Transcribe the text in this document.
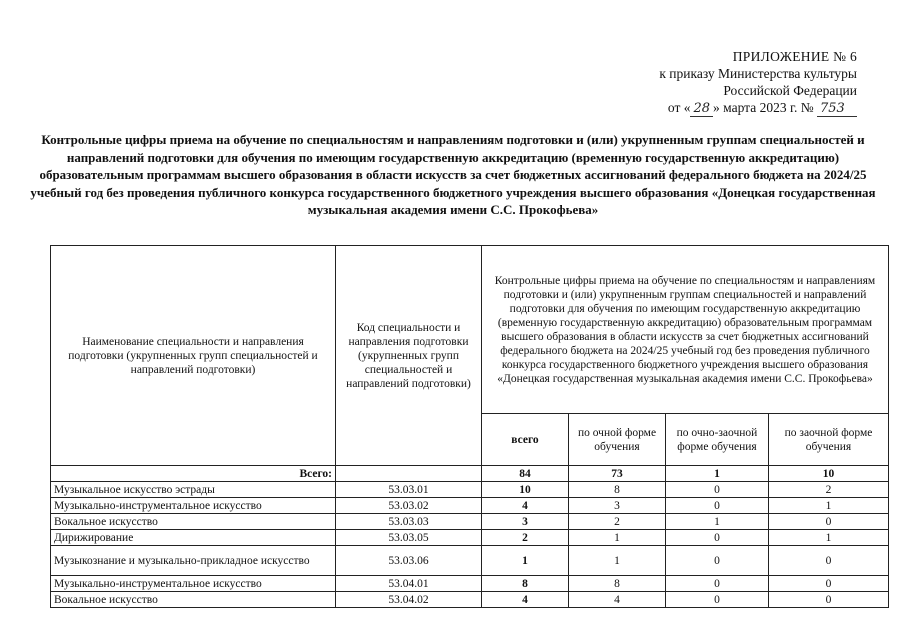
ПРИЛОЖЕНИЕ № 6
к приказу Министерства культуры
Российской Федерации
от « 28 » марта 2023 г. № 753
Контрольные цифры приема на обучение по специальностям и направлениям подготовки и (или) укрупненным группам специальностей и направлений подготовки для обучения по имеющим государственную аккредитацию (временную государственную аккредитацию) образовательным программам высшего образования в области искусств за счет бюджетных ассигнований федерального бюджета на 2024/25 учебный год без проведения публичного конкурса государственного бюджетного учреждения высшего образования «Донецкая государственная музыкальная академия имени С.С. Прокофьева»
Наименование специальности и направления подготовки (укрупненных групп специальностей и направлений подготовки)	Код специальности и направления подготовки (укрупненных групп специальностей и направлений подготовки)	Контрольные цифры приема на обучение по специальностям и направлениям подготовки и (или) укрупненным группам специальностей и направлений подготовки для обучения по имеющим государственную аккредитацию (временную государственную аккредитацию) образовательным программам высшего образования в области искусств за счет бюджетных ассигнований федерального бюджета на 2024/25 учебный год без проведения публичного конкурса государственного бюджетного учреждения высшего образования «Донецкая государственная музыкальная академия имени С.С. Прокофьева»			
		всего	по очной форме обучения	по очно-заочной форме обучения	по заочной форме обучения
Всего:		84	73	1	10
Музыкальное искусство эстрады	53.03.01	10	8	0	2
Музыкально-инструментальное искусство	53.03.02	4	3	0	1
Вокальное искусство	53.03.03	3	2	1	0
Дирижирование	53.03.05	2	1	0	1
Музыкознание и музыкально-прикладное искусство	53.03.06	1	1	0	0
Музыкально-инструментальное искусство	53.04.01	8	8	0	0
Вокальное искусство	53.04.02	4	4	0	0
